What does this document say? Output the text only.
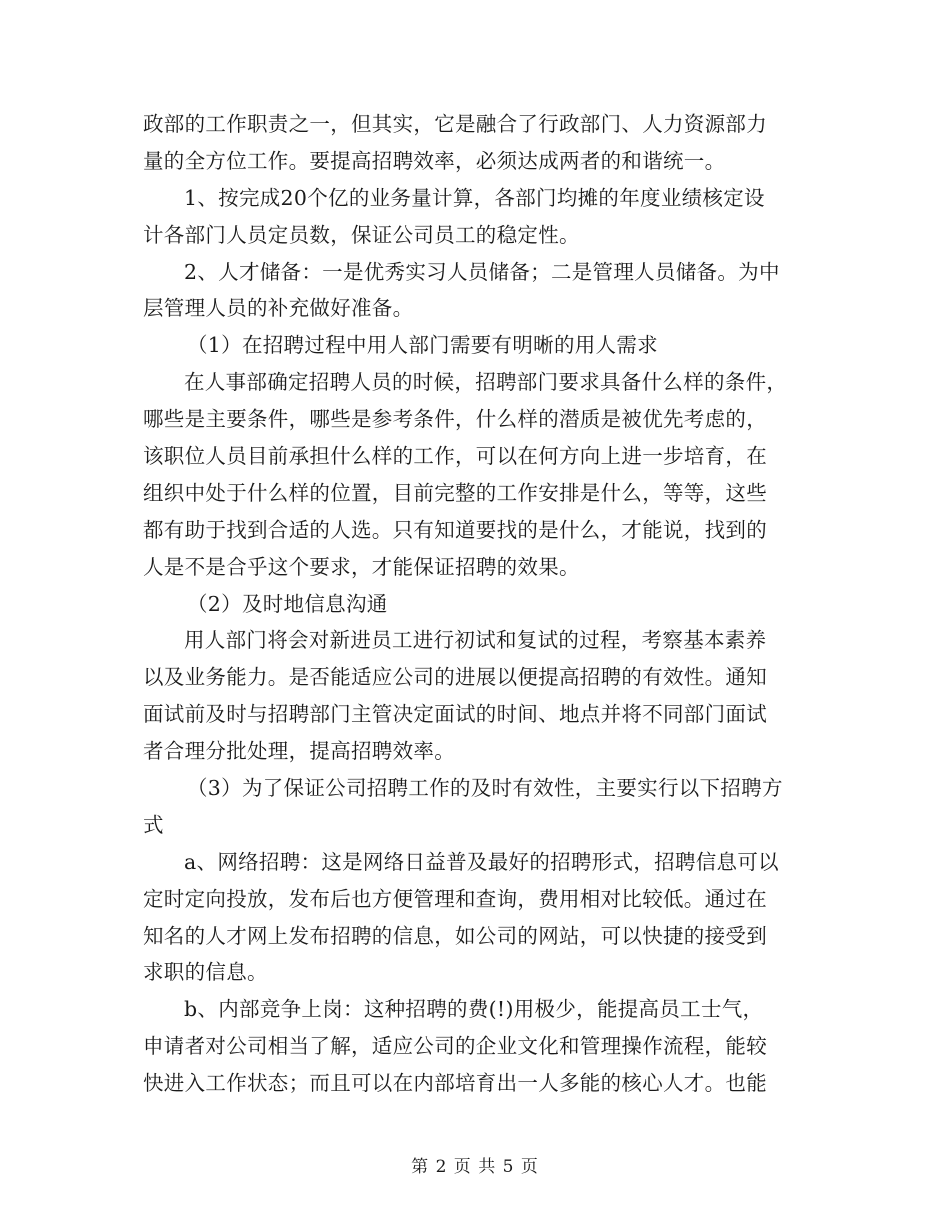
政部的工作职责之一，但其实，它是融合了行政部门、人力资源部力
量的全方位工作。要提高招聘效率，必须达成两者的和谐统一。
1、按完成20个亿的业务量计算，各部门均摊的年度业绩核定设
计各部门人员定员数，保证公司员工的稳定性。
2、人才储备：一是优秀实习人员储备；二是管理人员储备。为中
层管理人员的补充做好准备。
（1）在招聘过程中用人部门需要有明晰的用人需求
在人事部确定招聘人员的时候，招聘部门要求具备什么样的条件，
哪些是主要条件，哪些是参考条件，什么样的潜质是被优先考虑的，
该职位人员目前承担什么样的工作，可以在何方向上进一步培育，在
组织中处于什么样的位置，目前完整的工作安排是什么，等等，这些
都有助于找到合适的人选。只有知道要找的是什么，才能说，找到的
人是不是合乎这个要求，才能保证招聘的效果。
（2）及时地信息沟通
用人部门将会对新进员工进行初试和复试的过程，考察基本素养
以及业务能力。是否能适应公司的进展以便提高招聘的有效性。通知
面试前及时与招聘部门主管决定面试的时间、地点并将不同部门面试
者合理分批处理，提高招聘效率。
（3）为了保证公司招聘工作的及时有效性，主要实行以下招聘方
式
a、网络招聘：这是网络日益普及最好的招聘形式，招聘信息可以
定时定向投放，发布后也方便管理和查询，费用相对比较低。通过在
知名的人才网上发布招聘的信息，如公司的网站，可以快捷的接受到
求职的信息。
b、内部竞争上岗：这种招聘的费(!)用极少，能提高员工士气，
申请者对公司相当了解，适应公司的企业文化和管理操作流程，能较
快进入工作状态；而且可以在内部培育出一人多能的核心人才。也能
第 2 页 共 5 页
